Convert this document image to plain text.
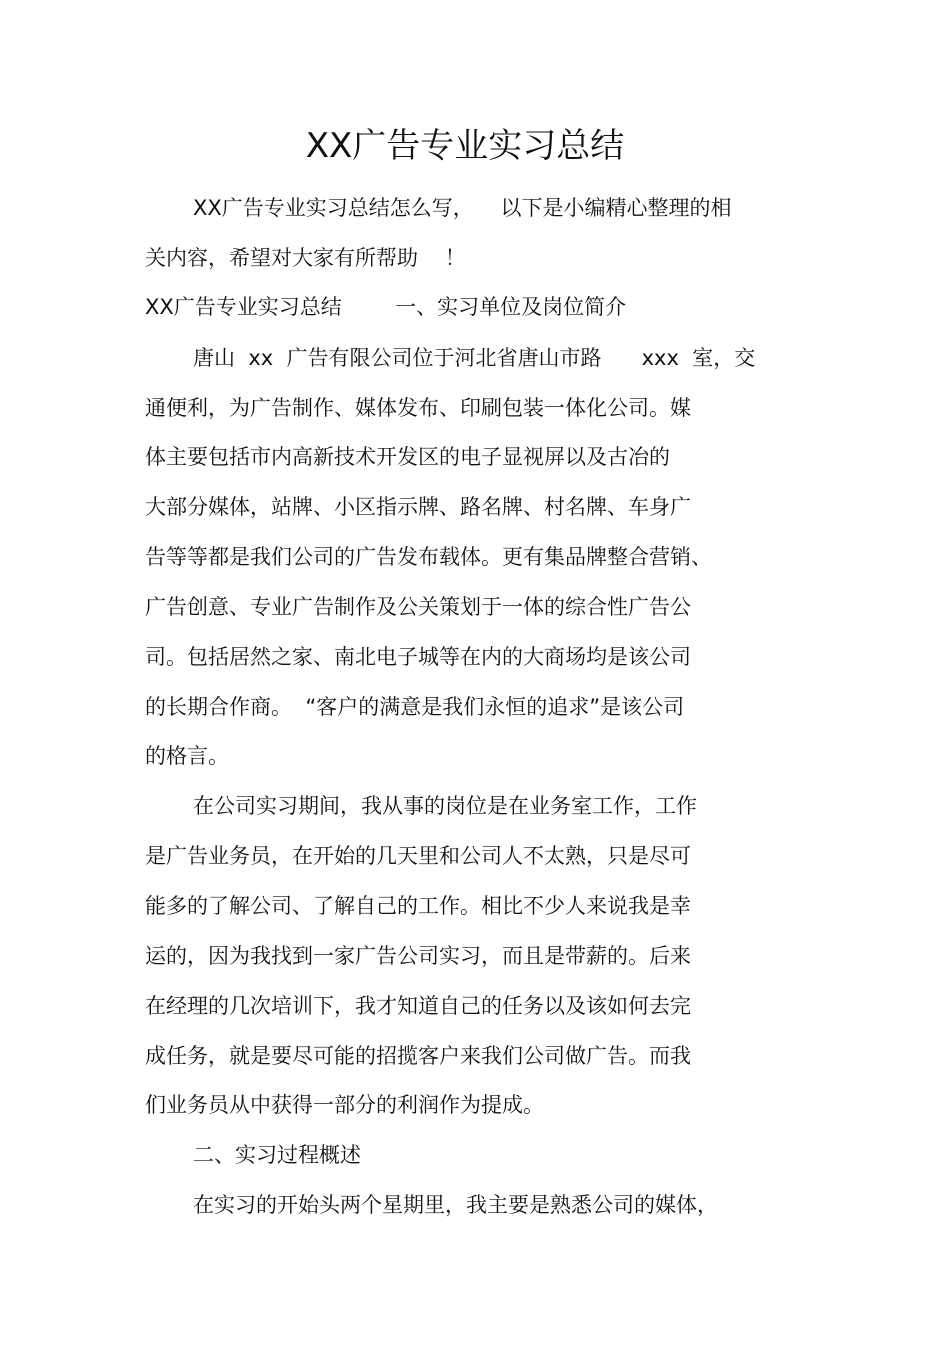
XX广告专业实习总结
XX广告专业实习总结怎么写，    以下是小编精心整理的相
关内容，希望对大家有所帮助    ！
XX广告专业实习总结        一、实习单位及岗位简介
唐山  xx  广告有限公司位于河北省唐山市路      xxx  室，交
通便利，为广告制作、媒体发布、印刷包装一体化公司。媒
体主要包括市内高新技术开发区的电子显视屏以及古冶的
大部分媒体，站牌、小区指示牌、路名牌、村名牌、车身广
告等等都是我们公司的广告发布载体。更有集品牌整合营销、
广告创意、专业广告制作及公关策划于一体的综合性广告公
司。包括居然之家、南北电子城等在内的大商场均是该公司
的长期合作商。  “客户的满意是我们永恒的追求”是该公司
的格言。
在公司实习期间，我从事的岗位是在业务室工作，工作
是广告业务员，在开始的几天里和公司人不太熟，只是尽可
能多的了解公司、了解自己的工作。相比不少人来说我是幸
运的，因为我找到一家广告公司实习，而且是带薪的。后来
在经理的几次培训下，我才知道自己的任务以及该如何去完
成任务，就是要尽可能的招揽客户来我们公司做广告。而我
们业务员从中获得一部分的利润作为提成。
二、实习过程概述
在实习的开始头两个星期里，我主要是熟悉公司的媒体，
